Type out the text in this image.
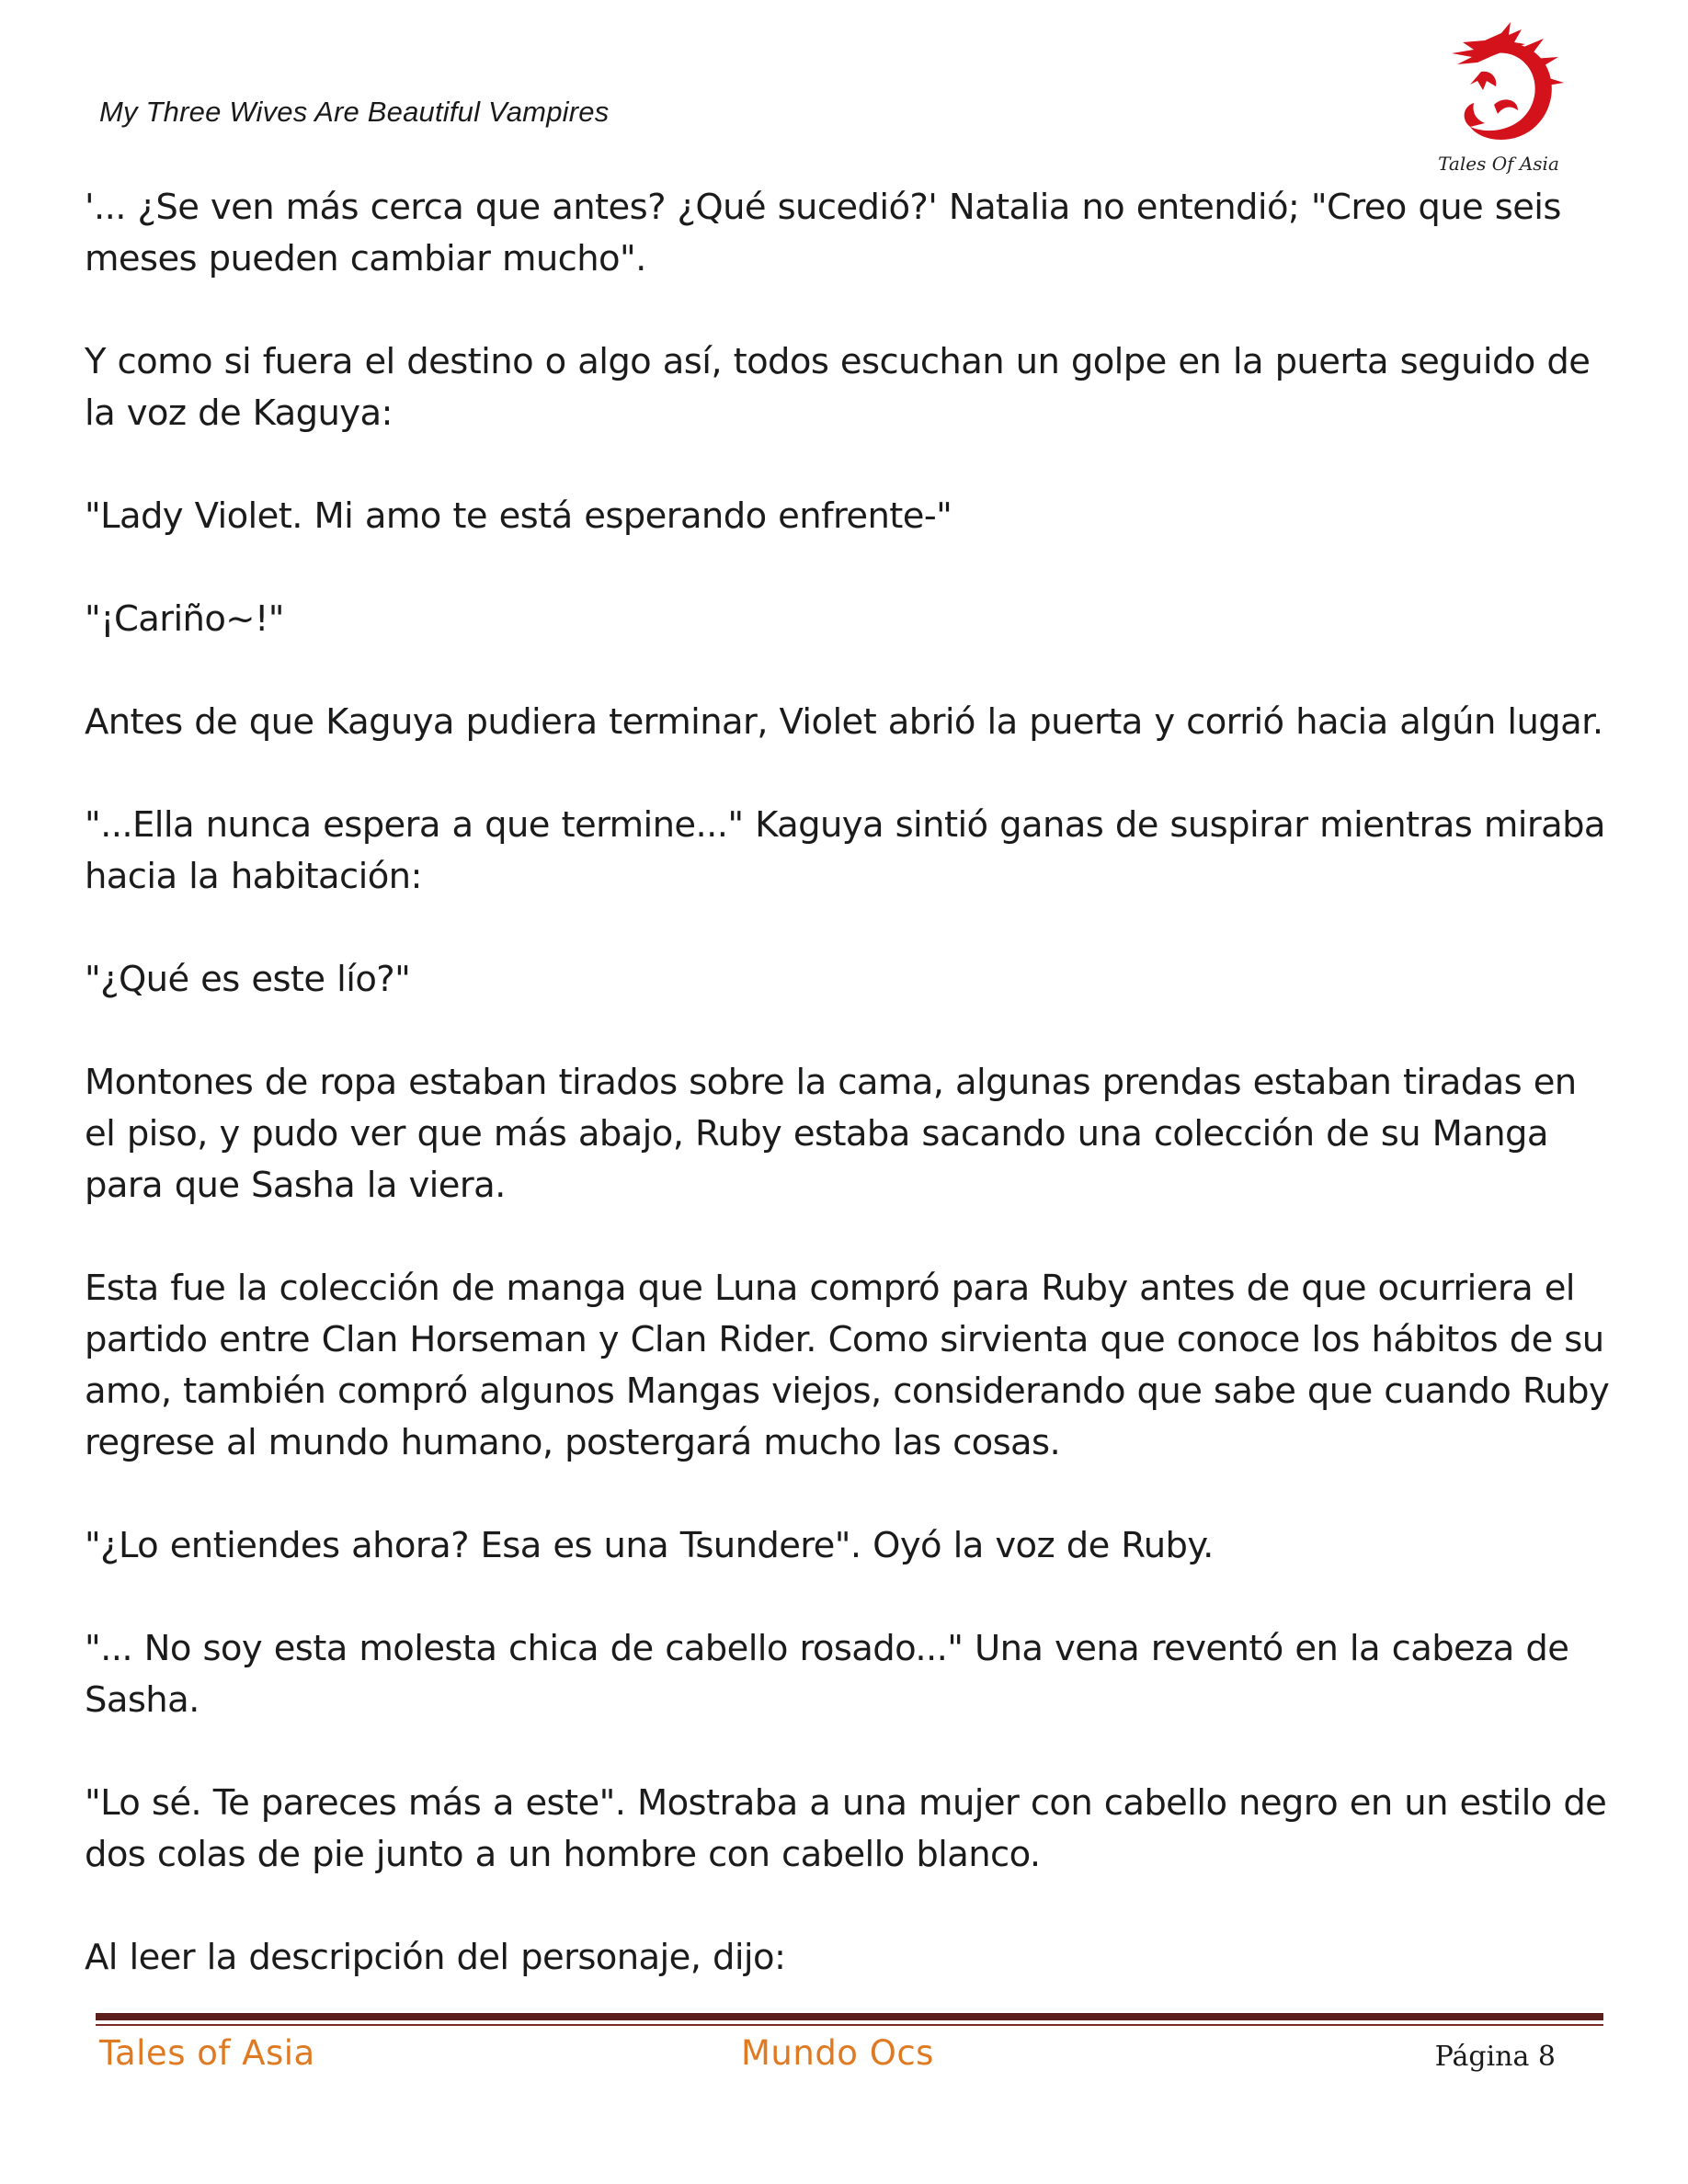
My Three Wives Are Beautiful Vampires
Tales Of Asia

'... ¿Se ven más cerca que antes? ¿Qué sucedió?' Natalia no entendió; "Creo que seis meses pueden cambiar mucho".

Y como si fuera el destino o algo así, todos escuchan un golpe en la puerta seguido de la voz de Kaguya:

"Lady Violet. Mi amo te está esperando enfrente-"

"¡Cariño~!"

Antes de que Kaguya pudiera terminar, Violet abrió la puerta y corrió hacia algún lugar.

"...Ella nunca espera a que termine..." Kaguya sintió ganas de suspirar mientras miraba hacia la habitación:

"¿Qué es este lío?"

Montones de ropa estaban tirados sobre la cama, algunas prendas estaban tiradas en el piso, y pudo ver que más abajo, Ruby estaba sacando una colección de su Manga para que Sasha la viera.

Esta fue la colección de manga que Luna compró para Ruby antes de que ocurriera el partido entre Clan Horseman y Clan Rider. Como sirvienta que conoce los hábitos de su amo, también compró algunos Mangas viejos, considerando que sabe que cuando Ruby regrese al mundo humano, postergará mucho las cosas.

"¿Lo entiendes ahora? Esa es una Tsundere". Oyó la voz de Ruby.

"... No soy esta molesta chica de cabello rosado..." Una vena reventó en la cabeza de Sasha.

"Lo sé. Te pareces más a este". Mostraba a una mujer con cabello negro en un estilo de dos colas de pie junto a un hombre con cabello blanco.

Al leer la descripción del personaje, dijo:

Tales of Asia	Mundo Ocs	Página 8
